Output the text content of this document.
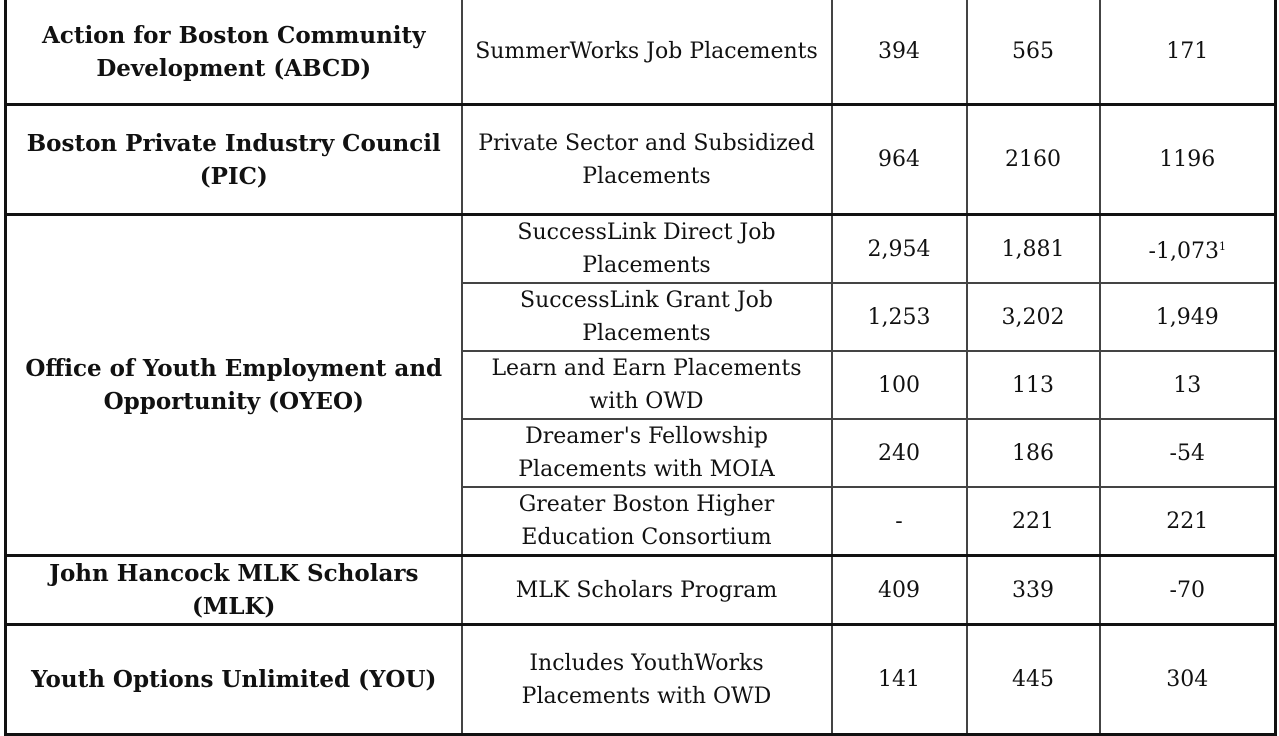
Action for Boston Community Development (ABCD)	SummerWorks Job Placements	394	565	171
Boston Private Industry Council (PIC)	Private Sector and Subsidized Placements	964	2160	1196
Office of Youth Employment and Opportunity (OYEO)	SuccessLink Direct Job Placements	2,954	1,881	-1,073$^1$
	SuccessLink Grant Job Placements	1,253	3,202	1,949
	Learn and Earn Placements with OWD	100	113	13
	Dreamer's Fellowship Placements with MOIA	240	186	-54
	Greater Boston Higher Education Consortium	-	221	221
John Hancock MLK Scholars (MLK)	MLK Scholars Program	409	339	-70
Youth Options Unlimited (YOU)	Includes YouthWorks Placements with OWD	141	445	304
